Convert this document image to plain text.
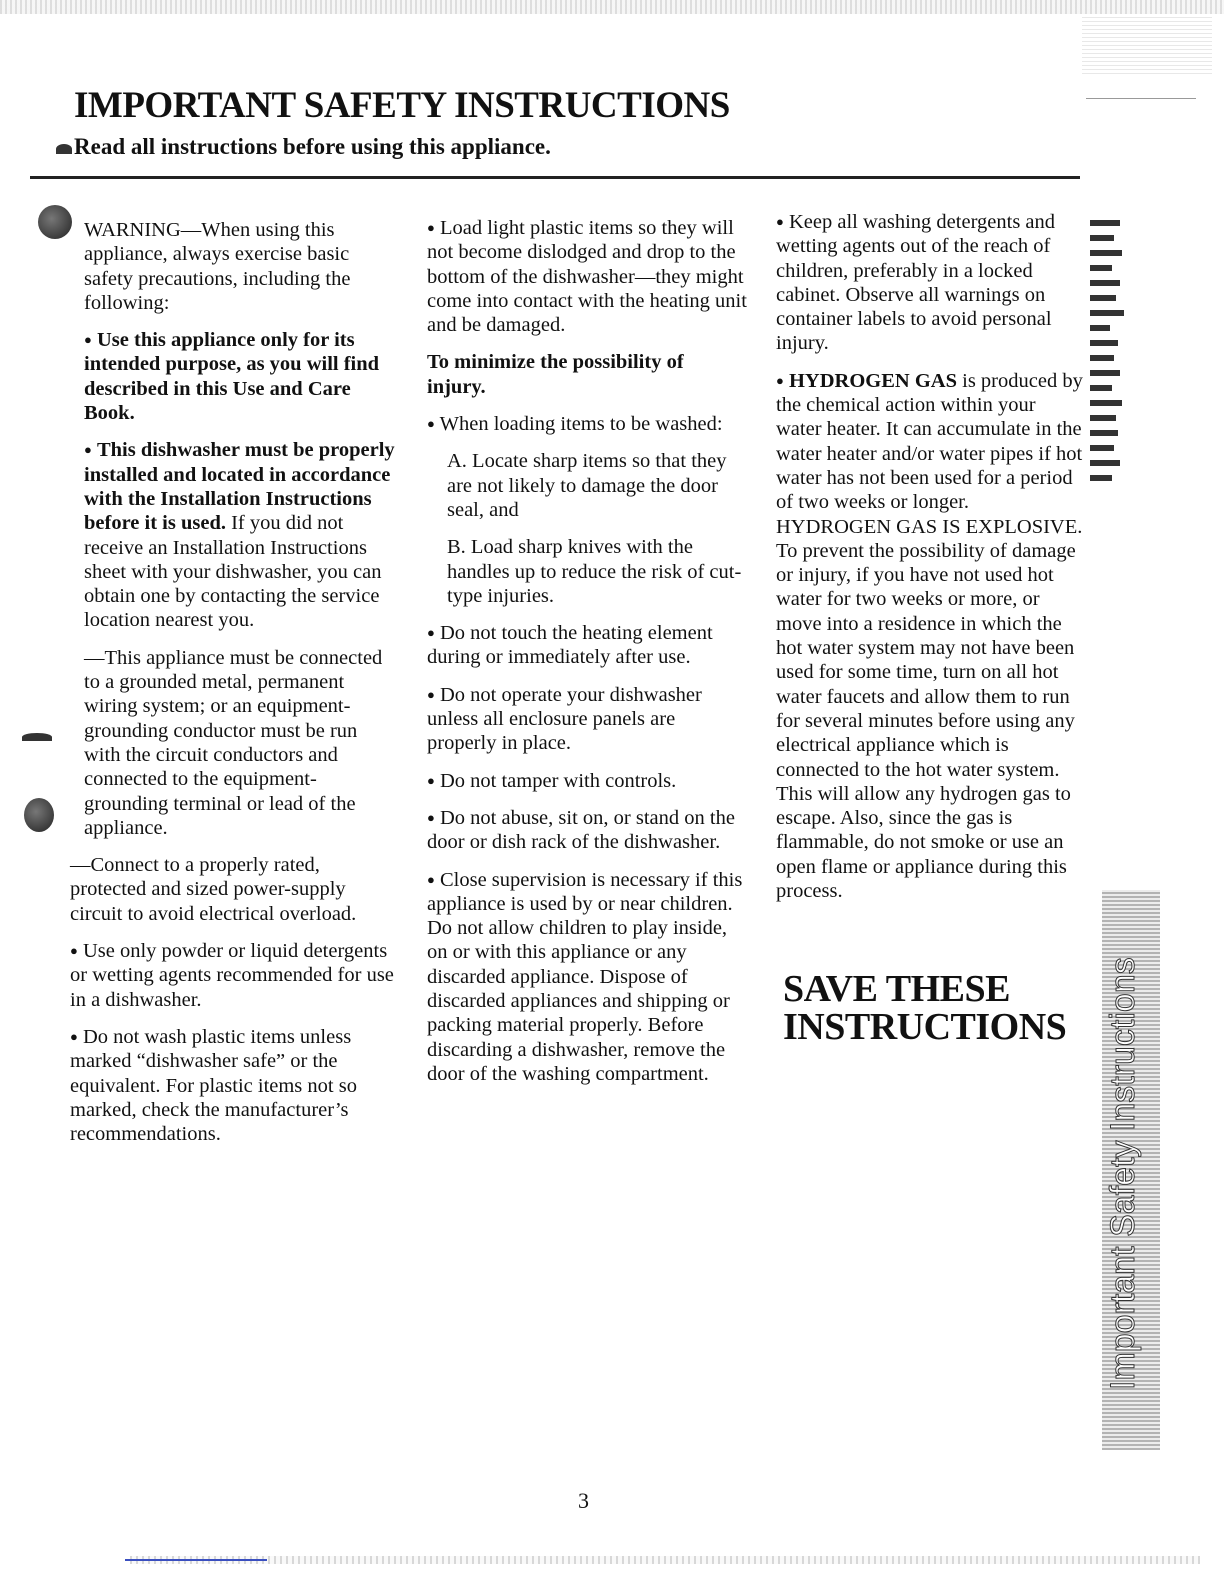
IMPORTANT SAFETY INSTRUCTIONS
Read all instructions before using this appliance.

WARNING—When using this appliance, always exercise basic safety precautions, including the following:

● Use this appliance only for its intended purpose, as you will find described in this Use and Care Book.

● This dishwasher must be properly installed and located in accordance with the Installation Instructions before it is used. If you did not receive an Installation Instructions sheet with your dishwasher, you can obtain one by contacting the service location nearest you.

—This appliance must be connected to a grounded metal, permanent wiring system; or an equipment-grounding conductor must be run with the circuit conductors and connected to the equipment-grounding terminal or lead of the appliance.

—Connect to a properly rated, protected and sized power-supply circuit to avoid electrical overload.

● Use only powder or liquid detergents or wetting agents recommended for use in a dishwasher.

● Do not wash plastic items unless marked “dishwasher safe” or the equivalent. For plastic items not so marked, check the manufacturer’s recommendations.

● Load light plastic items so they will not become dislodged and drop to the bottom of the dishwasher—they might come into contact with the heating unit and be damaged.

To minimize the possibility of injury.

● When loading items to be washed:

A. Locate sharp items so that they are not likely to damage the door seal, and

B. Load sharp knives with the handles up to reduce the risk of cut-type injuries.

● Do not touch the heating element during or immediately after use.

● Do not operate your dishwasher unless all enclosure panels are properly in place.

● Do not tamper with controls.

● Do not abuse, sit on, or stand on the door or dish rack of the dishwasher.

● Close supervision is necessary if this appliance is used by or near children. Do not allow children to play inside, on or with this appliance or any discarded appliance. Dispose of discarded appliances and shipping or packing material properly. Before discarding a dishwasher, remove the door of the washing compartment.

● Keep all washing detergents and wetting agents out of the reach of children, preferably in a locked cabinet. Observe all warnings on container labels to avoid personal injury.

● HYDROGEN GAS is produced by the chemical action within your water heater. It can accumulate in the water heater and/or water pipes if hot water has not been used for a period of two weeks or longer. HYDROGEN GAS IS EXPLOSIVE. To prevent the possibility of damage or injury, if you have not used hot water for two weeks or more, or move into a residence in which the hot water system may not have been used for some time, turn on all hot water faucets and allow them to run for several minutes before using any electrical appliance which is connected to the hot water system. This will allow any hydrogen gas to escape. Also, since the gas is flammable, do not smoke or use an open flame or appliance during this process.

SAVE THESE
INSTRUCTIONS Important Safety Instructions
3
